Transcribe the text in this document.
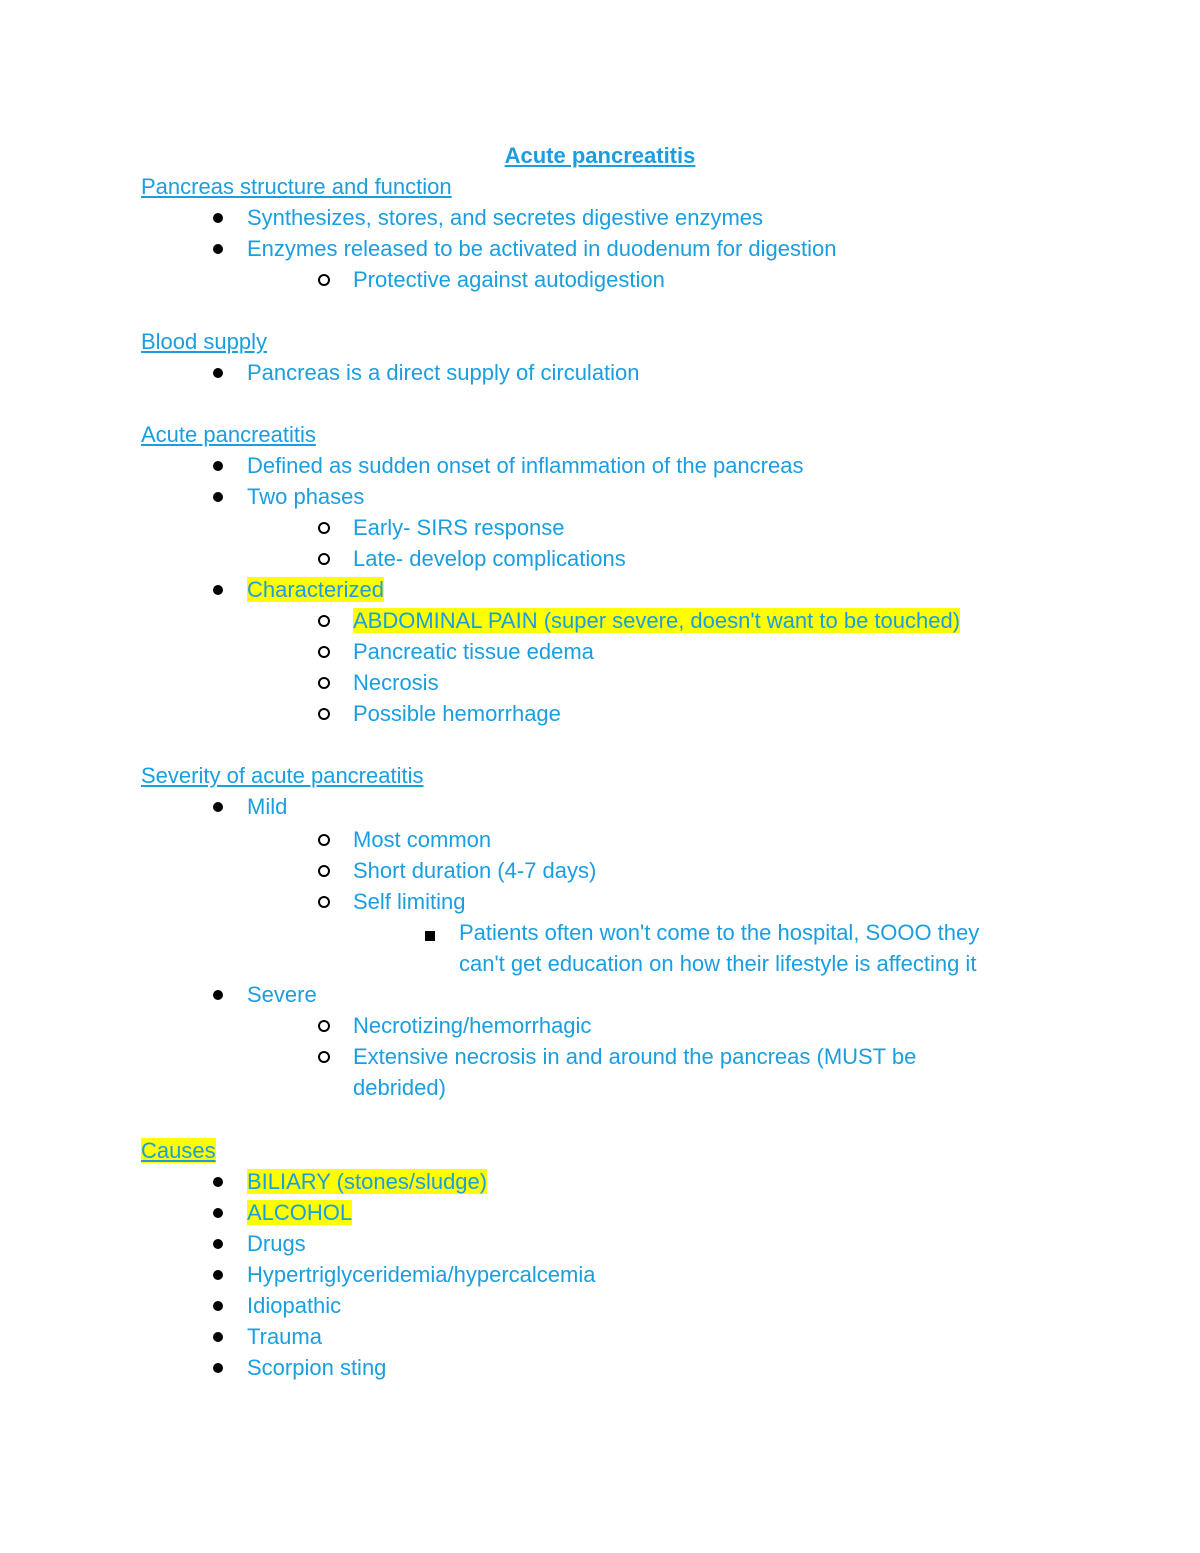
Acute pancreatitis
Pancreas structure and function
Synthesizes, stores, and secretes digestive enzymes
Enzymes released to be activated in duodenum for digestion
Protective against autodigestion
Blood supply
Pancreas is a direct supply of circulation
Acute pancreatitis
Defined as sudden onset of inflammation of the pancreas
Two phases
Early- SIRS response
Late- develop complications
Characterized
ABDOMINAL PAIN (super severe, doesn't want to be touched)
Pancreatic tissue edema
Necrosis
Possible hemorrhage
Severity of acute pancreatitis
Mild
Most common
Short duration (4-7 days)
Self limiting
Patients often won't come to the hospital, SOOO they
can't get education on how their lifestyle is affecting it
Severe
Necrotizing/hemorrhagic
Extensive necrosis in and around the pancreas (MUST be
debrided)
Causes
BILIARY (stones/sludge)
ALCOHOL
Drugs
Hypertriglyceridemia/hypercalcemia
Idiopathic
Trauma
Scorpion sting
